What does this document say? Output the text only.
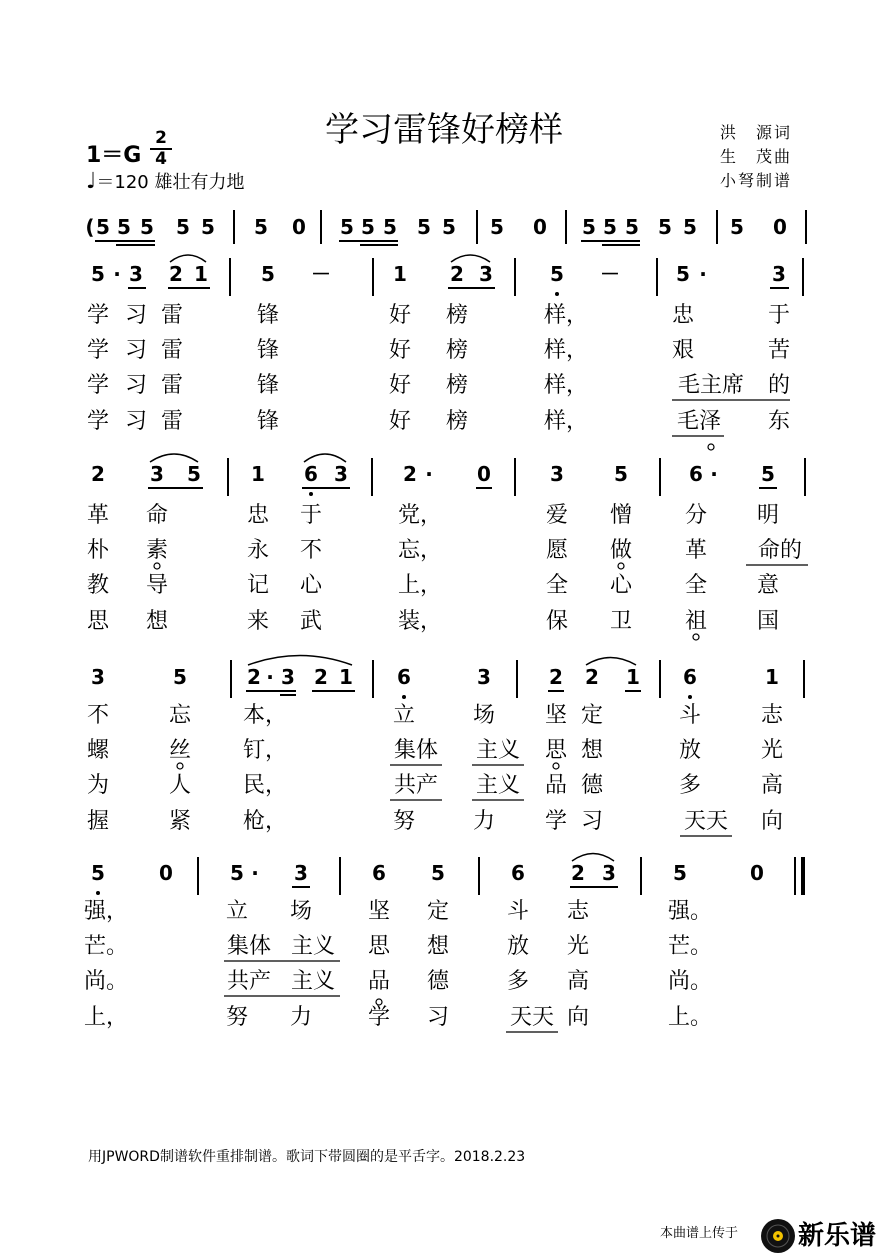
学习雷锋好榜样
1＝G
2
4
♩＝120 雄壮有力地
洪　源词
生　茂曲
小弩制谱
( 5 5 5 5 5 5 0 5 5 5 5 5 5 0 5 5 5 5 5 5 0
5 · 3 2 1	5 －	1 2 3	5 －	5 ·	3
学 习 雷	锋	好 榜	样，	忠	于
学 习 雷	锋	好 榜	样，	艰	苦
学 习 雷	锋	好 榜	样，	毛主席 的
学 习 雷	锋	好 榜	样，	毛泽 东
2 3 5	1 6 3	2 · 0	3	5	6 · 5
革 命	忠 于	党，	爱 憎 分 明
朴 素	永 不	忘，	愿 做 革 命的
教 导	记 心	上，	全 心 全 意
思 想	来 武	装，	保 卫 祖 国
3	5	2 · 3 2 1 6	3	2 2 1 6	1
不	忘 本，	立	场 坚 定	斗	志
螺	丝 钉，	集体 主义 思 想	放	光
为	人 民，	共产 主义 品 德	多	高
握	紧 枪，	努	力 学 习	天天 向
5	0	5 · 3	6 5	6 2 3	5	0
强，	立 场	坚 定	斗 志	强。
芒。	集体 主义 思 想	放 光	芒。
尚。	共产 主义 品 德	多 高	尚。
上，	努 力	学 习	天天 向	上。
用JPWORD制谱软件重排制谱。歌词下带圆圈的是平舌字。2018.2.23
本曲谱上传于 新乐谱
